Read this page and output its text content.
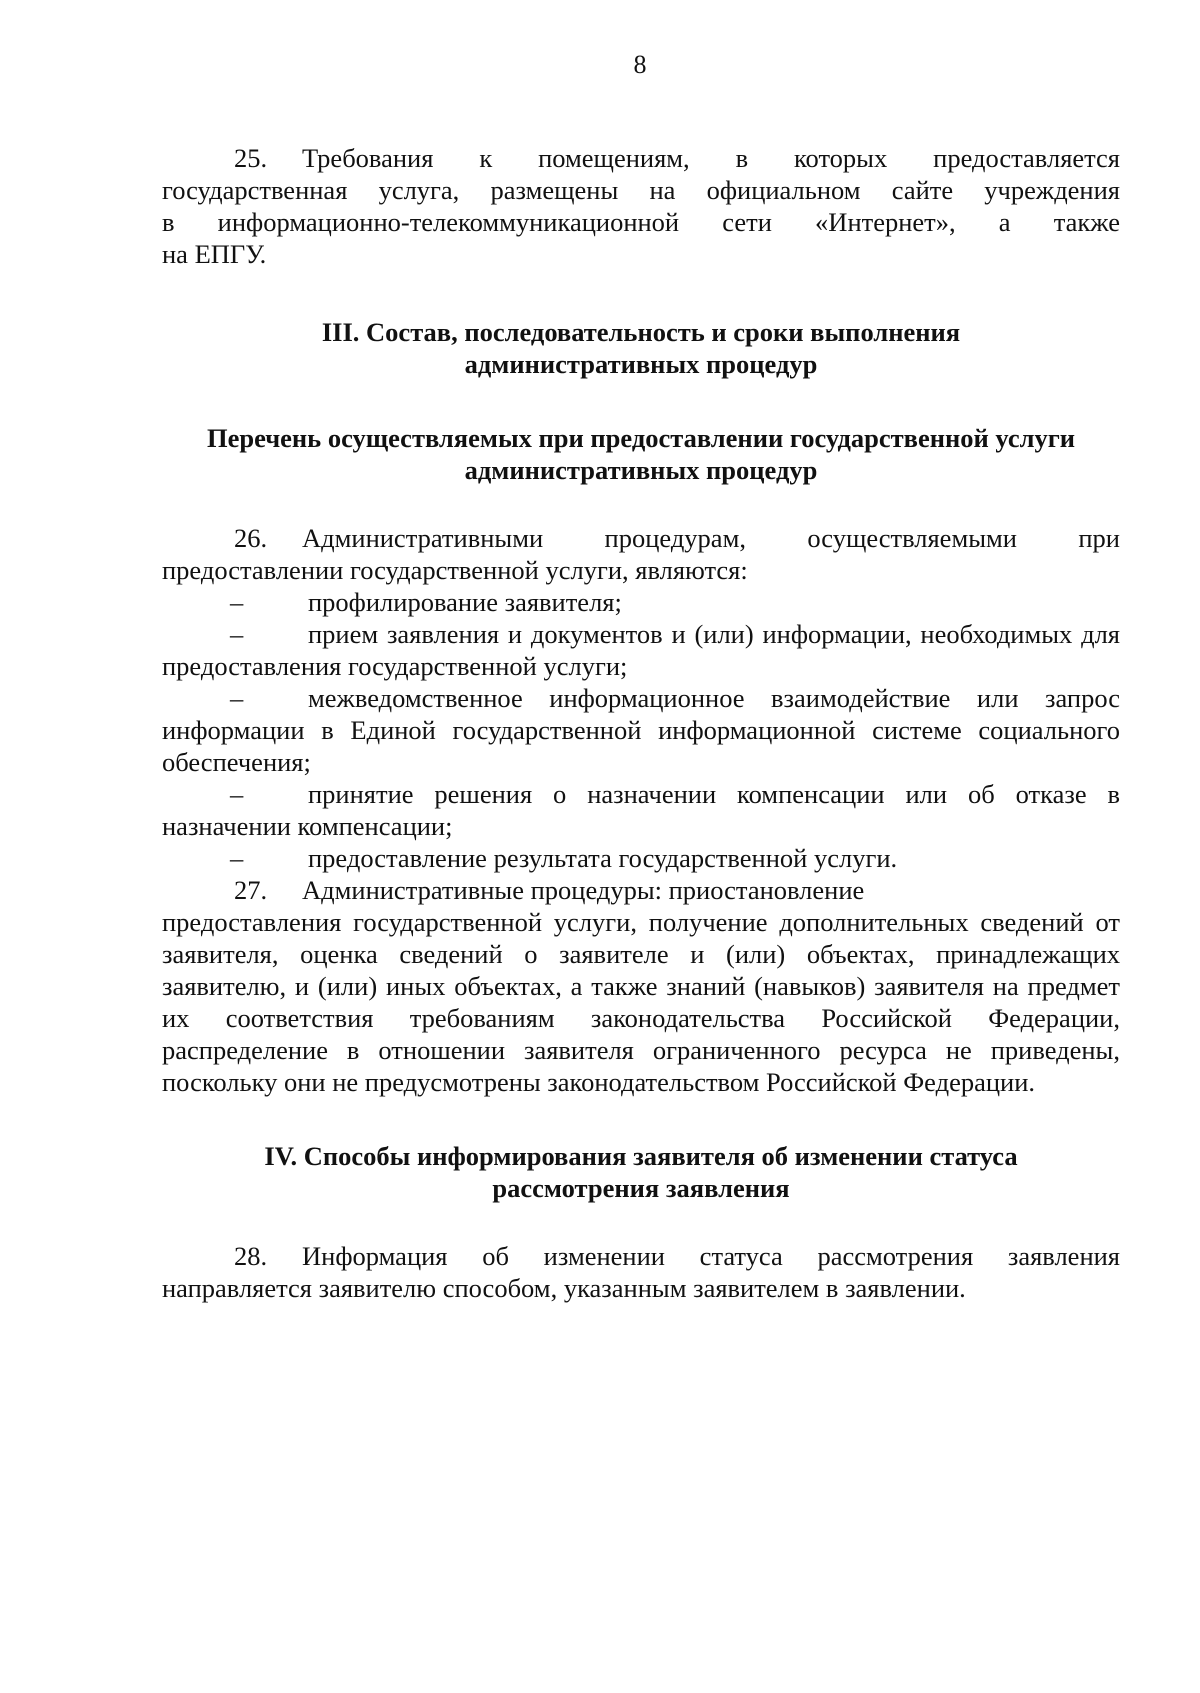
8

25. Требования к помещениям, в которых предоставляется

государственная услуга, размещены на официальном сайте учреждения

в информационно-телекоммуникационной сети «Интернет», а также

на ЕПГУ.

III. Состав, последовательность и сроки выполнения
административных процедур
Перечень осуществляемых при предоставлении государственной услуги
административных процедур

26. Административными процедурам, осуществляемыми при

предоставлении государственной услуги, являются:

– профилирование заявителя;

– прием заявления и документов и (или) информации, необходимых для предоставления государственной услуги;

– межведомственное информационное взаимодействие или запрос информации в Единой государственной информационной системе социального обеспечения;

– принятие решения о назначении компенсации или об отказе в назначении компенсации;

– предоставление результата государственной услуги.

27. Административные процедуры: приостановление

предоставления государственной услуги, получение дополнительных сведений от заявителя, оценка сведений о заявителе и (или) объектах, принадлежащих заявителю, и (или) иных объектах, а также знаний (навыков) заявителя на предмет их соответствия требованиям законодательства Российской Федерации, распределение в отношении заявителя ограниченного ресурса не приведены, поскольку они не предусмотрены законодательством Российской Федерации.

IV. Способы информирования заявителя об изменении статуса
рассмотрения заявления

28. Информация об изменении статуса рассмотрения заявления направляется заявителю способом, указанным заявителем в заявлении.
